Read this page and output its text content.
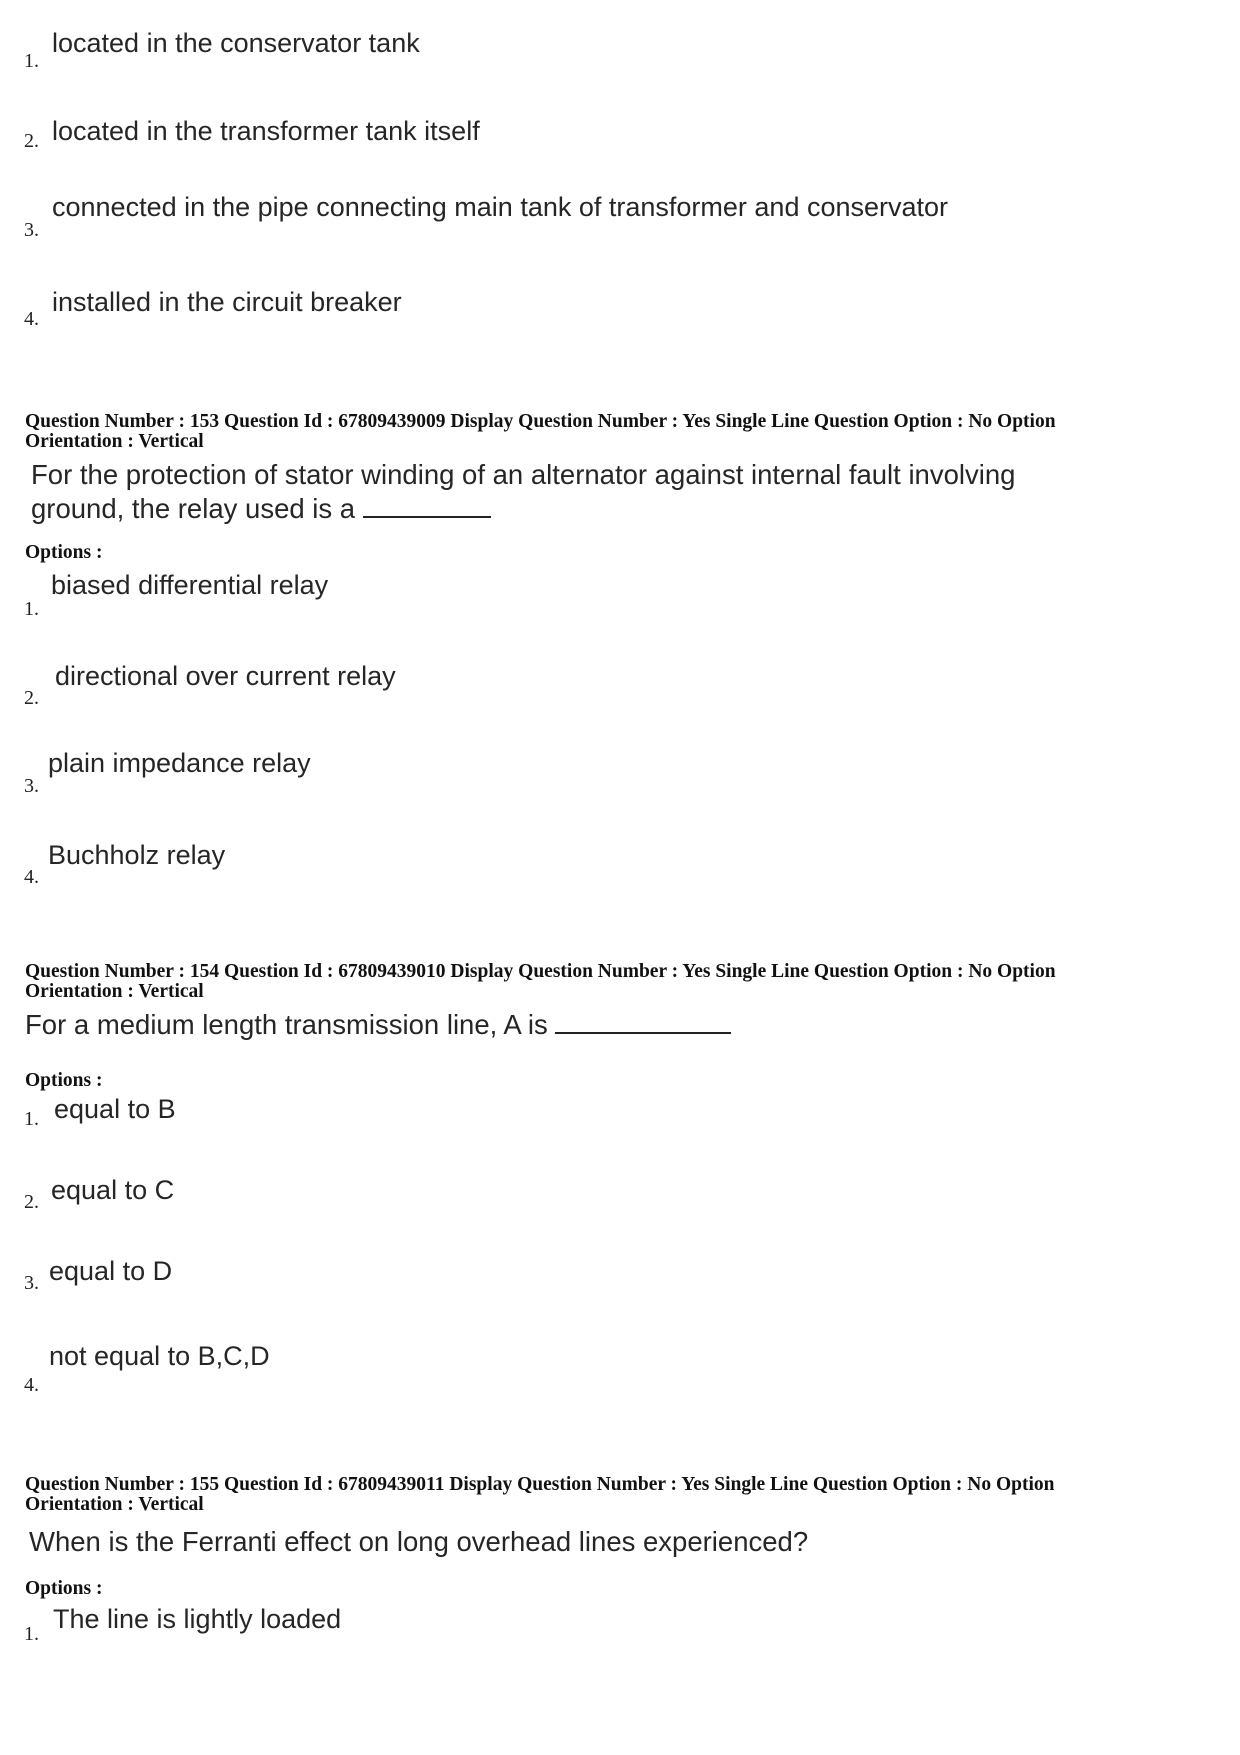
1.
located in the conservator tank
2. located in the transformer tank itself
3.
connected in the pipe connecting main tank of transformer and conservator
4.
installed in the circuit breaker
Question Number : 153 Question Id : 67809439009 Display Question Number : Yes Single Line Question Option : No Option
Orientation : Vertical
For the protection of stator winding of an alternator against internal fault involving
ground, the relay used is a
Options :
1.
biased differential relay
2.
directional over current relay
3.
plain impedance relay
4.
Buchholz relay
Question Number : 154 Question Id : 67809439010 Display Question Number : Yes Single Line Question Option : No Option
Orientation : Vertical
For a medium length transmission line, A is
Options :
1. equal to B
2. equal to C
3. equal to D
4.
not equal to B,C,D
Question Number : 155 Question Id : 67809439011 Display Question Number : Yes Single Line Question Option : No Option
Orientation : Vertical
When is the Ferranti effect on long overhead lines experienced?
Options :
1. The line is lightly loaded
